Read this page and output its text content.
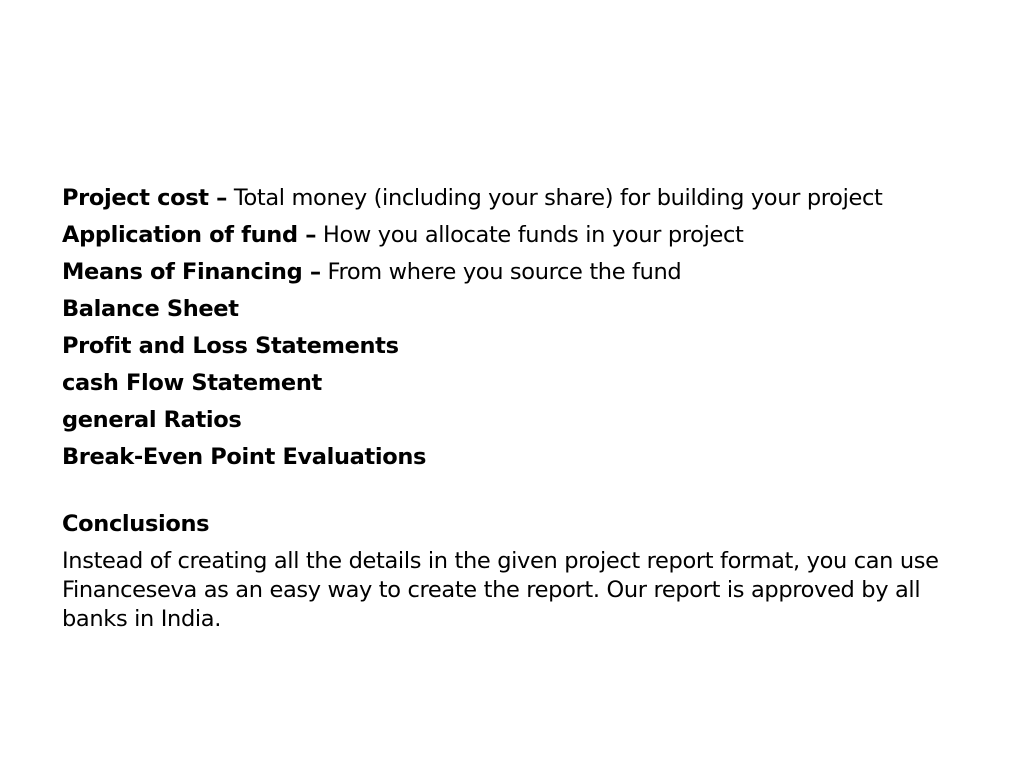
Project cost – Total money (including your share) for building your project

Application of fund – How you allocate funds in your project

Means of Financing – From where you source the fund

Balance Sheet

Profit and Loss Statements

cash Flow Statement

general Ratios

Break-Even Point Evaluations

Conclusions

Instead of creating all the details in the given project report format, you can use Financeseva as an easy way to create the report. Our report is approved by all banks in India.
